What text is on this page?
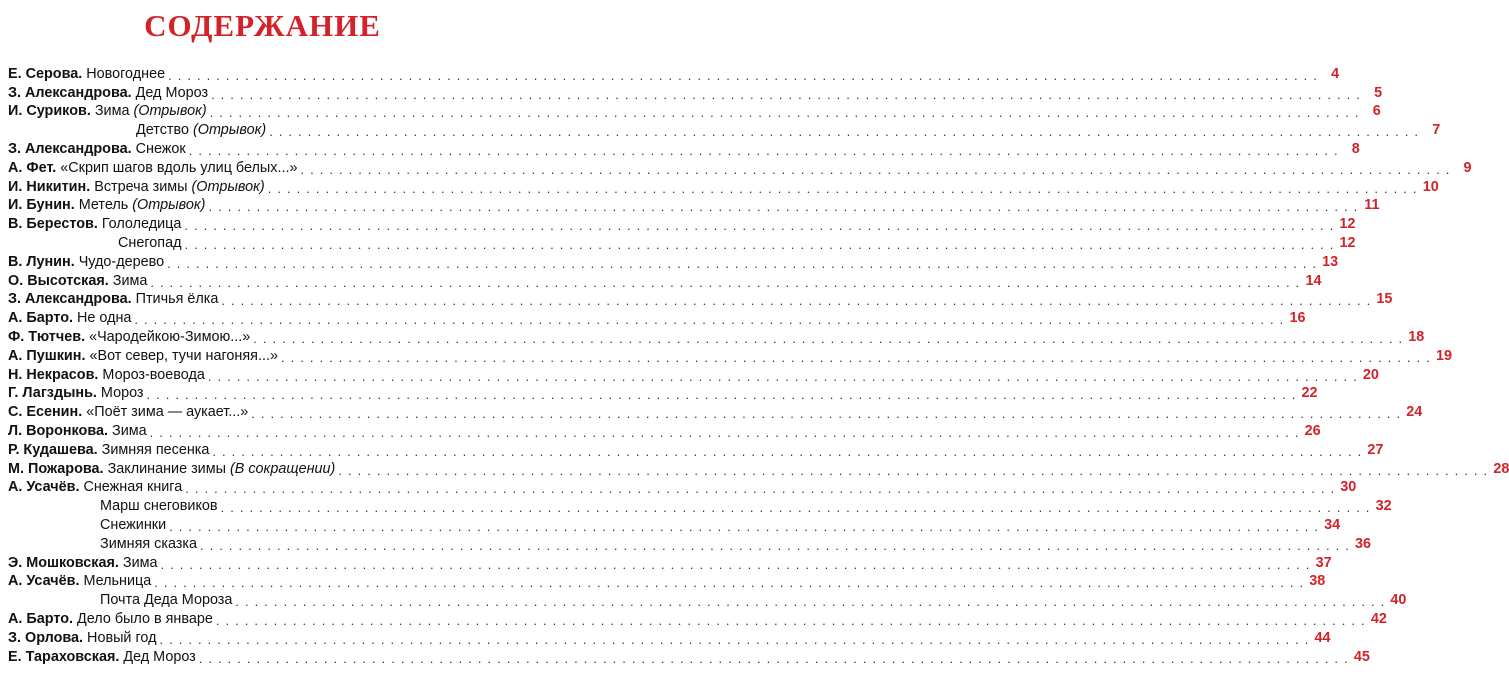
СОДЕРЖАНИЕ
Е. Серова. Новогоднее . . . . . . . . . . . . . . . . . . . . . . . . . . . . . . . . . . . . . . . . . . . . . . . . . . . . . . . . . . . . . . . . . . . . . . . . . . . . . . . . . . . . . . . . . . . . . . . . . . . . . . . . . . . . . . . . . . . . . . . . 4
З. Александрова. Дед Мороз . . . . . . . . . . . . . . . . . . . . . . . . . . . . . . . . . . . . . . . . . . . . . . . . . . . . . . . . . . . . . . . . . . . . . . . . . . . . . . . . . . . . . . . . . . . . . . . . . . . . . . . . . . . . . . . . . . . . . . . . 5
И. Суриков. Зима
(Отрывок) . . . . . . . . . . . . . . . . . . . . . . . . . . . . . . . . . . . . . . . . . . . . . . . . . . . . . . . . . . . . . . . . . . . . . . . . . . . . . . . . . . . . . . . . . . . . . . . . . . . . . . . . . . . . . . . . . . . . . . . . 6
Детство
(Отрывок) . . . . . . . . . . . . . . . . . . . . . . . . . . . . . . . . . . . . . . . . . . . . . . . . . . . . . . . . . . . . . . . . . . . . . . . . . . . . . . . . . . . . . . . . . . . . . . . . . . . . . . . . . . . . . . . . . . . . . . . . 7
З. Александрова. Снежок . . . . . . . . . . . . . . . . . . . . . . . . . . . . . . . . . . . . . . . . . . . . . . . . . . . . . . . . . . . . . . . . . . . . . . . . . . . . . . . . . . . . . . . . . . . . . . . . . . . . . . . . . . . . . . . . . . . . . . . . 8
А. Фет. «Скрип шагов вдоль улиц белых...» . . . . . . . . . . . . . . . . . . . . . . . . . . . . . . . . . . . . . . . . . . . . . . . . . . . . . . . . . . . . . . . . . . . . . . . . . . . . . . . . . . . . . . . . . . . . . . . . . . . . . . . . . . . . . . . . . . . . . . . . 9
И. Никитин. Встреча зимы
(Отрывок) . . . . . . . . . . . . . . . . . . . . . . . . . . . . . . . . . . . . . . . . . . . . . . . . . . . . . . . . . . . . . . . . . . . . . . . . . . . . . . . . . . . . . . . . . . . . . . . . . . . . . . . . . . . . . . . . . . . . . . . . 10
И. Бунин. Метель
(Отрывок) . . . . . . . . . . . . . . . . . . . . . . . . . . . . . . . . . . . . . . . . . . . . . . . . . . . . . . . . . . . . . . . . . . . . . . . . . . . . . . . . . . . . . . . . . . . . . . . . . . . . . . . . . . . . . . . . . . . . . . . . 11
В. Берестов. Гололедица . . . . . . . . . . . . . . . . . . . . . . . . . . . . . . . . . . . . . . . . . . . . . . . . . . . . . . . . . . . . . . . . . . . . . . . . . . . . . . . . . . . . . . . . . . . . . . . . . . . . . . . . . . . . . . . . . . . . . . . . 12
Снегопад . . . . . . . . . . . . . . . . . . . . . . . . . . . . . . . . . . . . . . . . . . . . . . . . . . . . . . . . . . . . . . . . . . . . . . . . . . . . . . . . . . . . . . . . . . . . . . . . . . . . . . . . . . . . . . . . . . . . . . . . 12
В. Лунин. Чудо-дерево . . . . . . . . . . . . . . . . . . . . . . . . . . . . . . . . . . . . . . . . . . . . . . . . . . . . . . . . . . . . . . . . . . . . . . . . . . . . . . . . . . . . . . . . . . . . . . . . . . . . . . . . . . . . . . . . . . . . . . . . 13
О. Высотская. Зима . . . . . . . . . . . . . . . . . . . . . . . . . . . . . . . . . . . . . . . . . . . . . . . . . . . . . . . . . . . . . . . . . . . . . . . . . . . . . . . . . . . . . . . . . . . . . . . . . . . . . . . . . . . . . . . . . . . . . . . . 14
З. Александрова. Птичья ёлка . . . . . . . . . . . . . . . . . . . . . . . . . . . . . . . . . . . . . . . . . . . . . . . . . . . . . . . . . . . . . . . . . . . . . . . . . . . . . . . . . . . . . . . . . . . . . . . . . . . . . . . . . . . . . . . . . . . . . . . . 15
А. Барто. Не одна . . . . . . . . . . . . . . . . . . . . . . . . . . . . . . . . . . . . . . . . . . . . . . . . . . . . . . . . . . . . . . . . . . . . . . . . . . . . . . . . . . . . . . . . . . . . . . . . . . . . . . . . . . . . . . . . . . . . . . . . 16
Ф. Тютчев. «Чародейкою-Зимою...» . . . . . . . . . . . . . . . . . . . . . . . . . . . . . . . . . . . . . . . . . . . . . . . . . . . . . . . . . . . . . . . . . . . . . . . . . . . . . . . . . . . . . . . . . . . . . . . . . . . . . . . . . . . . . . . . . . . . . . . . 18
А. Пушкин. «Вот север, тучи нагоняя...» . . . . . . . . . . . . . . . . . . . . . . . . . . . . . . . . . . . . . . . . . . . . . . . . . . . . . . . . . . . . . . . . . . . . . . . . . . . . . . . . . . . . . . . . . . . . . . . . . . . . . . . . . . . . . . . . . . . . . . . . 19
Н. Некрасов. Мороз-воевода . . . . . . . . . . . . . . . . . . . . . . . . . . . . . . . . . . . . . . . . . . . . . . . . . . . . . . . . . . . . . . . . . . . . . . . . . . . . . . . . . . . . . . . . . . . . . . . . . . . . . . . . . . . . . . . . . . . . . . . . 20
Г. Лагздынь. Мороз . . . . . . . . . . . . . . . . . . . . . . . . . . . . . . . . . . . . . . . . . . . . . . . . . . . . . . . . . . . . . . . . . . . . . . . . . . . . . . . . . . . . . . . . . . . . . . . . . . . . . . . . . . . . . . . . . . . . . . . . 22
С. Есенин. «Поёт зима — аукает...» . . . . . . . . . . . . . . . . . . . . . . . . . . . . . . . . . . . . . . . . . . . . . . . . . . . . . . . . . . . . . . . . . . . . . . . . . . . . . . . . . . . . . . . . . . . . . . . . . . . . . . . . . . . . . . . . . . . . . . . . 24
Л. Воронкова. Зима . . . . . . . . . . . . . . . . . . . . . . . . . . . . . . . . . . . . . . . . . . . . . . . . . . . . . . . . . . . . . . . . . . . . . . . . . . . . . . . . . . . . . . . . . . . . . . . . . . . . . . . . . . . . . . . . . . . . . . . . 26
Р. Кудашева. Зимняя песенка . . . . . . . . . . . . . . . . . . . . . . . . . . . . . . . . . . . . . . . . . . . . . . . . . . . . . . . . . . . . . . . . . . . . . . . . . . . . . . . . . . . . . . . . . . . . . . . . . . . . . . . . . . . . . . . . . . . . . . . . 27
М. Пожарова. Заклинание зимы
(В сокращении) . . . . . . . . . . . . . . . . . . . . . . . . . . . . . . . . . . . . . . . . . . . . . . . . . . . . . . . . . . . . . . . . . . . . . . . . . . . . . . . . . . . . . . . . . . . . . . . . . . . . . . . . . . . . . . . . . . . . . . . . 28
А. Усачёв. Снежная книга . . . . . . . . . . . . . . . . . . . . . . . . . . . . . . . . . . . . . . . . . . . . . . . . . . . . . . . . . . . . . . . . . . . . . . . . . . . . . . . . . . . . . . . . . . . . . . . . . . . . . . . . . . . . . . . . . . . . . . . . 30
Марш снеговиков . . . . . . . . . . . . . . . . . . . . . . . . . . . . . . . . . . . . . . . . . . . . . . . . . . . . . . . . . . . . . . . . . . . . . . . . . . . . . . . . . . . . . . . . . . . . . . . . . . . . . . . . . . . . . . . . . . . . . . . . 32
Снежинки . . . . . . . . . . . . . . . . . . . . . . . . . . . . . . . . . . . . . . . . . . . . . . . . . . . . . . . . . . . . . . . . . . . . . . . . . . . . . . . . . . . . . . . . . . . . . . . . . . . . . . . . . . . . . . . . . . . . . . . . 34
Зимняя сказка . . . . . . . . . . . . . . . . . . . . . . . . . . . . . . . . . . . . . . . . . . . . . . . . . . . . . . . . . . . . . . . . . . . . . . . . . . . . . . . . . . . . . . . . . . . . . . . . . . . . . . . . . . . . . . . . . . . . . . . . 36
Э. Мошковская. Зима . . . . . . . . . . . . . . . . . . . . . . . . . . . . . . . . . . . . . . . . . . . . . . . . . . . . . . . . . . . . . . . . . . . . . . . . . . . . . . . . . . . . . . . . . . . . . . . . . . . . . . . . . . . . . . . . . . . . . . . . 37
А. Усачёв. Мельница . . . . . . . . . . . . . . . . . . . . . . . . . . . . . . . . . . . . . . . . . . . . . . . . . . . . . . . . . . . . . . . . . . . . . . . . . . . . . . . . . . . . . . . . . . . . . . . . . . . . . . . . . . . . . . . . . . . . . . . . 38
Почта Деда Мороза . . . . . . . . . . . . . . . . . . . . . . . . . . . . . . . . . . . . . . . . . . . . . . . . . . . . . . . . . . . . . . . . . . . . . . . . . . . . . . . . . . . . . . . . . . . . . . . . . . . . . . . . . . . . . . . . . . . . . . . . 40
А. Барто. Дело было в январе . . . . . . . . . . . . . . . . . . . . . . . . . . . . . . . . . . . . . . . . . . . . . . . . . . . . . . . . . . . . . . . . . . . . . . . . . . . . . . . . . . . . . . . . . . . . . . . . . . . . . . . . . . . . . . . . . . . . . . . . 42
З. Орлова. Новый год . . . . . . . . . . . . . . . . . . . . . . . . . . . . . . . . . . . . . . . . . . . . . . . . . . . . . . . . . . . . . . . . . . . . . . . . . . . . . . . . . . . . . . . . . . . . . . . . . . . . . . . . . . . . . . . . . . . . . . . . 44
Е. Тараховская. Дед Мороз . . . . . . . . . . . . . . . . . . . . . . . . . . . . . . . . . . . . . . . . . . . . . . . . . . . . . . . . . . . . . . . . . . . . . . . . . . . . . . . . . . . . . . . . . . . . . . . . . . . . . . . . . . . . . . . . . . . . . . . . 45
